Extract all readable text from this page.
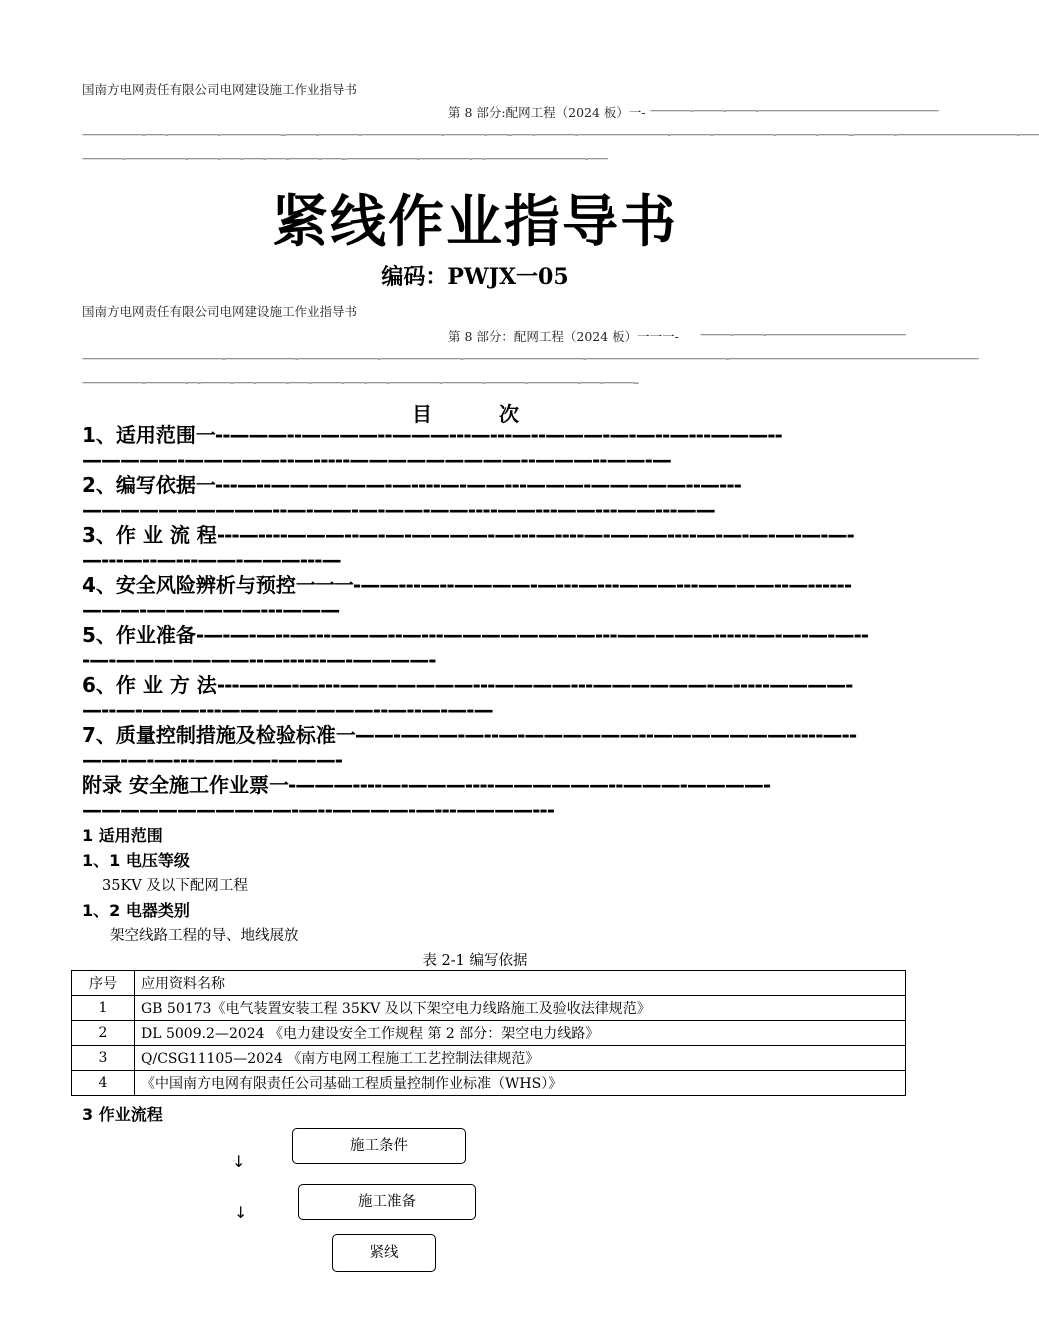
国南方电网责任有限公司电网建设施工作业指导书
第 8 部分:配网工程（2024 板）一- ————-———-———-——————————————————
——————-——-—————-——————--———-————-————————-————-——--——-————-—————————-————-——————-————-———--————-————————————-——
————-——————-———-——-——-——-———-——--———————-—————-—-——————————-——
紧线作业指导书
编码：PWJX一05
国南方电网责任有限公司电网建设施工作业指导书
第 8 部分：配网工程（2024 板）一一一- ———-———-——————————————
——————————————-———————-————————-————————-————————————-——————————————-—————————————————————————
——————-————-—-———-——-———-——-———-——-——-—————-————-————-—————-——-———--
目 次
1、适用范围一--———--————--———---—---—--———-—-—--—---———--—————-—————--—-----—————————--———--——-—
2、编写依据一---—--——————-—----—-——---———-—————--—---——————————--—-——-—-——-——----——---——---——---——
3、作 业 流 程---—----———--—-—-————-—---—----—-———----—-—-—-—-—-—-—---—--—---——-———---—
4、安全风险辨析与预控一一一-——---—--————-—---—---———---————--—------———-——————---———
5、作业准备-—-—-—--—---———--—---————————---—————------—-—-—-—---—-———————--—------—-————-
6、作 业 方 法---—--—-—---———————---————---——————-—-----————-—--—-———---————————--—--—-—-—
7、质量控制措施及检验标准一——-———-—--—-——————--———————-----—--——-—-—---————-———-
附录 安全施工作业票一-———----—-———----——————--———-————-———————————-—--————-—---————---
1 适用范围
1、1 电压等级
35KV 及以下配网工程
1、2 电器类别
架空线路工程的导、地线展放
表 2-1 编写依据
序号	应用资料名称
1	GB 50173《电气装置安装工程 35KV 及以下架空电力线路施工及验收法律规范》
2	DL 5009.2—2024 《电力建设安全工作规程 第 2 部分：架空电力线路》
3	Q/CSG11105—2024 《南方电网工程施工工艺控制法律规范》
4	《中国南方电网有限责任公司基础工程质量控制作业标准（WHS）》
3 作业流程
施工条件
↓
施工准备
↓
紧线
